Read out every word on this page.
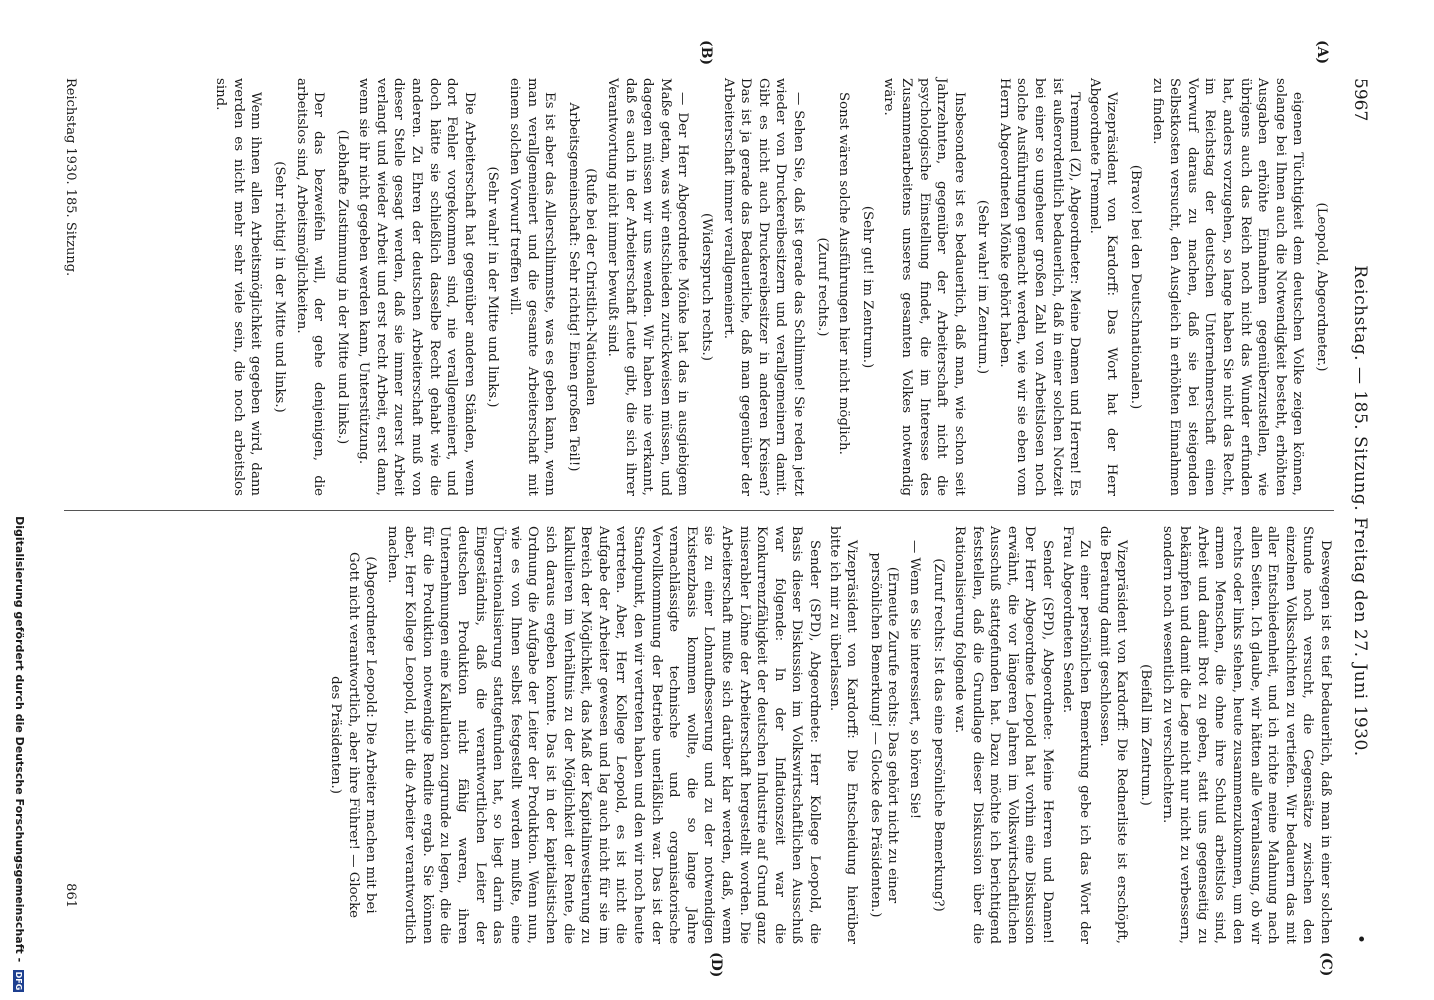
5967
Reichstag. — 185. Sitzung. Freitag den 27. Juni 1930.
•
(A)
(B)
(C)
(D)

(Leopold, Abgeordneter.)

eigenen Tüchtigkeit dem deutschen Volke zeigen können, solange bei Ihnen auch die Notwendigkeit besteht, erhöhten Ausgaben erhöhte Einnahmen gegenüberzustellen, wie übrigens auch das Reich noch nicht das Wunder erfunden hat, anders vorzugehen, so lange haben Sie nicht das Recht, im Reichstag der deutschen Unternehmerschaft einen Vorwurf daraus zu machen, daß sie bei steigenden Selbstkosten versucht, den Ausgleich in erhöhten Einnahmen zu finden.

(Bravo! bei den Deutschnationalen.)

Vizepräsident von Kardorff: Das Wort hat der Herr Abgeordnete Tremmel.

Tremmel (Z), Abgeordneter: Meine Damen und Herren! Es ist außerordentlich bedauerlich, daß in einer solchen Notzeit bei einer so ungeheuer großen Zahl von Arbeitslosen noch solche Ausführungen gemacht werden, wie wir sie eben vom Herrn Abgeordneten Mönke gehört haben.

(Sehr wahr! im Zentrum.)

Insbesondere ist es bedauerlich, daß man, wie schon seit Jahrzehnten, gegenüber der Arbeiterschaft nicht die psychologische Einstellung findet, die im Interesse des Zusammenarbeitens unseres gesamten Volkes notwendig wäre.

(Sehr gut! im Zentrum.)

Sonst wären solche Ausführungen hier nicht möglich.

(Zuruf rechts.)

— Sehen Sie, daß ist gerade das Schlimme! Sie reden jetzt wieder von Druckereibesitzern und verallgemeinern damit. Gibt es nicht auch Druckereibesitzer in anderen Kreisen? Das ist ja gerade das Bedauerliche, daß man gegenüber der Arbeiterschaft immer verallgemeinert.

(Widerspruch rechts.)

— Der Herr Abgeordnete Mönke hat das in ausgiebigem Maße getan, was wir entschieden zurückweisen müssen, und dagegen müssen wir uns wenden. Wir haben nie verkannt, daß es auch in der Arbeiterschaft Leute gibt, die sich ihrer Verantwortung nicht immer bewußt sind.

(Rufe bei der Christlich-Nationalen Arbeitsgemeinschaft: Sehr richtig! Einen großen Teil!)

Es ist aber das Allerschlimmste, was es geben kann, wenn man verallgemeinert und die gesamte Arbeiterschaft mit einem solchen Vorwurf treffen will.

(Sehr wahr! in der Mitte und links.)

Die Arbeiterschaft hat gegenüber anderen Ständen, wenn dort Fehler vorgekommen sind, nie verallgemeinert, und doch hätte sie schließlich dasselbe Recht gehabt wie die anderen. Zu Ehren der deutschen Arbeiterschaft muß von dieser Stelle gesagt werden, daß sie immer zuerst Arbeit verlangt und wieder Arbeit und erst recht Arbeit, erst dann, wenn sie ihr nicht gegeben werden kann, Unterstützung.

(Lebhafte Zustimmung in der Mitte und links.)

Der das bezweifeln will, der gehe denjenigen, die arbeitslos sind, Arbeitsmöglichkeiten.

(Sehr richtig! in der Mitte und links.)

Wenn ihnen allen Arbeitsmöglichkeit gegeben wird, dann werden es nicht mehr sehr viele sein, die noch arbeitslos sind.

Deswegen ist es tief bedauerlich, daß man in einer solchen Stunde noch versucht, die Gegensätze zwischen den einzelnen Volksschichten zu vertiefen. Wir bedauern das mit aller Entschiedenheit, und ich richte meine Mahnung nach allen Seiten. Ich glaube, wir hätten alle Veranlassung, ob wir rechts oder links stehen, heute zusammenzukommen, um den armen Menschen, die ohne ihre Schuld arbeitslos sind, Arbeit und damit Brot zu geben, statt uns gegenseitig zu bekämpfen und damit die Lage nicht nur nicht zu verbessern, sondern noch wesentlich zu verschlechtern.

(Beifall im Zentrum.)

Vizepräsident von Kardorff: Die Rednerliste ist erschöpft, die Beratung damit geschlossen.

Zu einer persönlichen Bemerkung gebe ich das Wort der Frau Abgeordneten Sender.

Sender (SPD), Abgeordnete: Meine Herren und Damen! Der Herr Abgeordnete Leopold hat vorhin eine Diskussion erwähnt, die vor längeren Jahren im Volkswirtschaftlichen Ausschuß stattgefunden hat. Dazu möchte ich berichtigend feststellen, daß die Grundlage dieser Diskussion über die Rationalisierung folgende war.

(Zuruf rechts: Ist das eine persönliche Bemerkung?)

— Wenn es Sie interessiert, so hören Sie!

(Erneute Zurufe rechts: Das gehört nicht zu einer persönlichen Bemerkung! — Glocke des Präsidenten.)

Vizepräsident von Kardorff: Die Entscheidung hierüber bitte ich mir zu überlassen.

Sender (SPD), Abgeordnete: Herr Kollege Leopold, die Basis dieser Diskussion im Volkswirtschaftlichen Ausschuß war folgende: In der Inflationszeit war die Konkurrenzfähigkeit der deutschen Industrie auf Grund ganz miserabler Löhne der Arbeiterschaft hergestellt worden. Die Arbeiterschaft mußte sich darüber klar werden, daß, wenn sie zu einer Lohnaufbesserung und zu der notwendigen Existenzbasis kommen wollte, die so lange Jahre vernachlässigte technische und organisatorische Vervollkommnung der Betriebe unerläßlich war. Das ist der Standpunkt, den wir vertreten haben und den wir noch heute vertreten. Aber, Herr Kollege Leopold, es ist nicht die Aufgabe der Arbeiter gewesen und lag auch nicht für sie im Bereich der Möglichkeit, das Maß der Kapitalinvestierung zu kalkulieren im Verhältnis zu der Möglichkeit der Rente, die sich daraus ergeben konnte. Das ist in der kapitalistischen Ordnung die Aufgabe der Leiter der Produktion. Wenn nun, wie es von Ihnen selbst festgestellt werden mußte, eine Überrationalisierung stattgefunden hat, so liegt darin das Eingeständnis, daß die verantwortlichen Leiter der deutschen Produktion nicht fähig waren, ihren Unternehmungen eine Kalkulation zugrunde zu legen, die die für die Produktion notwendige Rendite ergab. Sie können aber, Herr Kollege Leopold, nicht die Arbeiter verantwortlich machen.

(Abgeordneter Leopold: Die Arbeiter machen mit bei Gott nicht verantwortlich, aber ihre Führer! — Glocke des Präsidenten.)

Reichstag 1930. 185. Sitzung.
861
Digitalisierung gefördert durch die Deutsche Forschungsgemeinschaft - DFG
